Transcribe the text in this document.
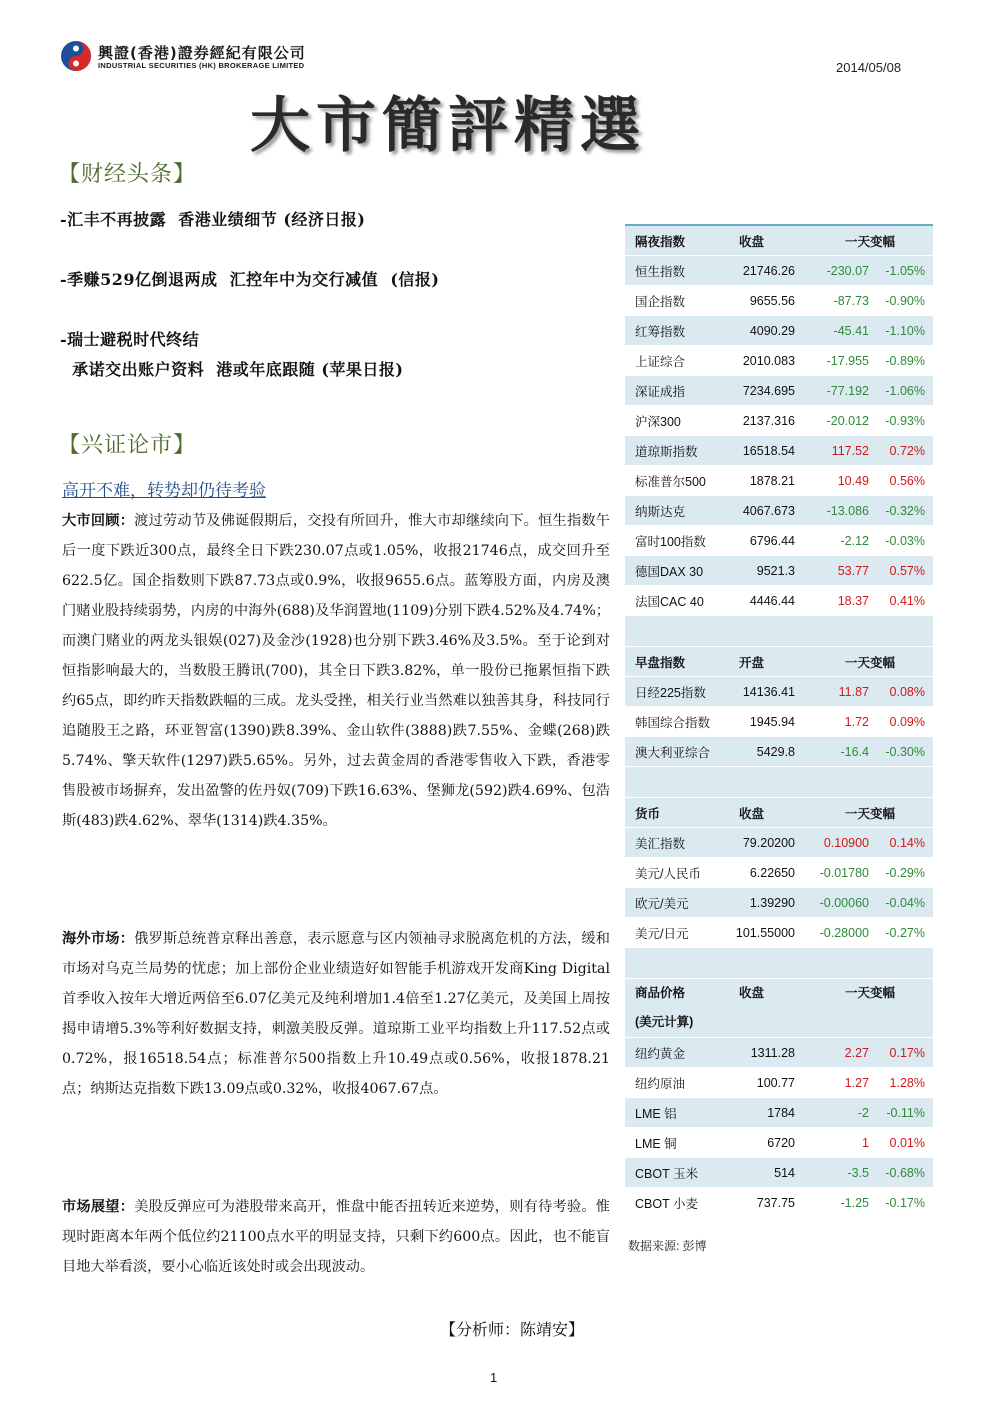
興證(香港)證券經紀有限公司
INDUSTRIAL SECURITIES (HK) BROKERAGE LIMITED	2014/05/08
大市簡評精選
【财经头条】
-汇丰不再披露  香港业绩细节 (经济日报)
-季赚529亿倒退两成  汇控年中为交行减值  (信报)
-瑞士避税时代终结
承诺交出账户资料  港或年底跟随 (苹果日报)
【兴证论市】
高开不难，转势却仍待考验
大市回顾：渡过劳动节及佛诞假期后，交投有所回升，惟大市却继续向下。恒生指数午后一度下跌近300点，最终全日下跌230.07点或1.05%，收报21746点，成交回升至622.5亿。国企指数则下跌87.73点或0.9%，收报9655.6点。蓝筹股方面，内房及澳门赌业股持续弱势，内房的中海外(688)及华润置地(1109)分别下跌4.52%及4.74%；而澳门赌业的两龙头银娱(027)及金沙(1928)也分别下跌3.46%及3.5%。至于论到对恒指影响最大的，当数股王腾讯(700)，其全日下跌3.82%，单一股份已拖累恒指下跌约65点，即约昨天指数跌幅的三成。龙头受挫，相关行业当然难以独善其身，科技同行追随股王之路，环亚智富(1390)跌8.39%、金山软件(3888)跌7.55%、金蝶(268)跌5.74%、擎天软件(1297)跌5.65%。另外，过去黄金周的香港零售收入下跌，香港零售股被市场摒弃，发出盈警的佐丹奴(709)下跌16.63%、堡狮龙(592)跌4.69%、包浩斯(483)跌4.62%、翠华(1314)跌4.35%。
海外市场：俄罗斯总统普京释出善意，表示愿意与区内领袖寻求脱离危机的方法，缓和市场对乌克兰局势的忧虑；加上部份企业业绩造好如智能手机游戏开发商King Digital首季收入按年大增近两倍至6.07亿美元及纯利增加1.4倍至1.27亿美元，及美国上周按揭申请增5.3%等利好数据支持，刺激美股反弹。道琼斯工业平均指数上升117.52点或0.72%，报16518.54点；标准普尔500指数上升10.49点或0.56%，收报1878.21点；纳斯达克指数下跌13.09点或0.32%，收报4067.67点。
市场展望：美股反弹应可为港股带来高开，惟盘中能否扭转近来逆势，则有待考验。惟现时距离本年两个低位约21100点水平的明显支持，只剩下约600点。因此，也不能盲目地大举看淡，要小心临近该处时或会出现波动。
【分析师：陈靖安】
隔夜指数	收盘	一天变幅
恒生指数	21746.26	-230.07	-1.05%
国企指数	9655.56	-87.73	-0.90%
红筹指数	4090.29	-45.41	-1.10%
上证综合	2010.083	-17.955	-0.89%
深证成指	7234.695	-77.192	-1.06%
沪深300	2137.316	-20.012	-0.93%
道琼斯指数	16518.54	117.52	0.72%
标准普尔500	1878.21	10.49	0.56%
纳斯达克	4067.673	-13.086	-0.32%
富时100指数	6796.44	-2.12	-0.03%
德国DAX 30	9521.3	53.77	0.57%
法国CAC 40	4446.44	18.37	0.41%
早盘指数	开盘	一天变幅
日经225指数	14136.41	11.87	0.08%
韩国综合指数	1945.94	1.72	0.09%
澳大利亚综合	5429.8	-16.4	-0.30%
货币	收盘	一天变幅
美汇指数	79.20200	0.10900	0.14%
美元/人民币	6.22650	-0.01780	-0.29%
欧元/美元	1.39290	-0.00060	-0.04%
美元/日元	101.55000	-0.28000	-0.27%
商品价格
(美元计算)
收盘	一天变幅
纽约黄金	1311.28	2.27	0.17%
纽约原油	100.77	1.27	1.28%
LME 铝	1784	-2	-0.11%
LME 铜	6720	1	0.01%
CBOT 玉米	514	-3.5	-0.68%
CBOT 小麦	737.75	-1.25	-0.17%
数据来源: 彭博
1
